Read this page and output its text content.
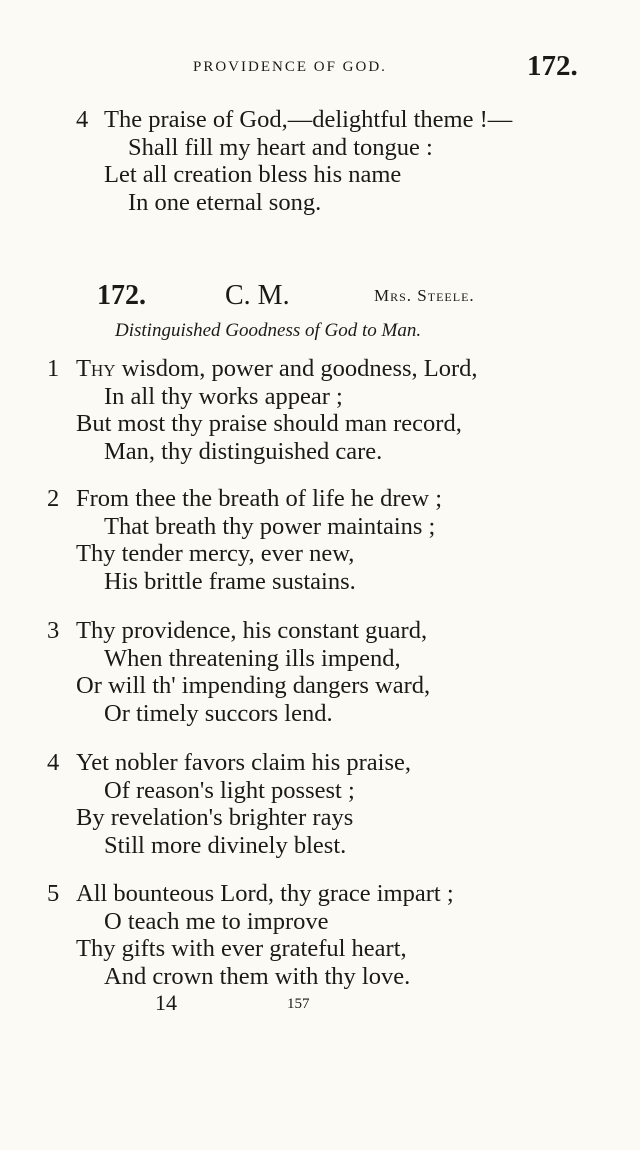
PROVIDENCE OF GOD.	172.
4 The praise of God,—delightful theme !—
Shall fill my heart and tongue :
Let all creation bless his name
In one eternal song.
172.	C. M.	Mrs. Steele.
Distinguished Goodness of God to Man.
1 Thy wisdom, power and goodness, Lord,
In all thy works appear ;
But most thy praise should man record,
Man, thy distinguished care.
2 From thee the breath of life he drew ;
That breath thy power maintains ;
Thy tender mercy, ever new,
His brittle frame sustains.
3 Thy providence, his constant guard,
When threatening ills impend,
Or will th' impending dangers ward,
Or timely succors lend.
4 Yet nobler favors claim his praise,
Of reason's light possest ;
By revelation's brighter rays
Still more divinely blest.
5 All bounteous Lord, thy grace impart ;
O teach me to improve
Thy gifts with ever grateful heart,
And crown them with thy love.
14	157
